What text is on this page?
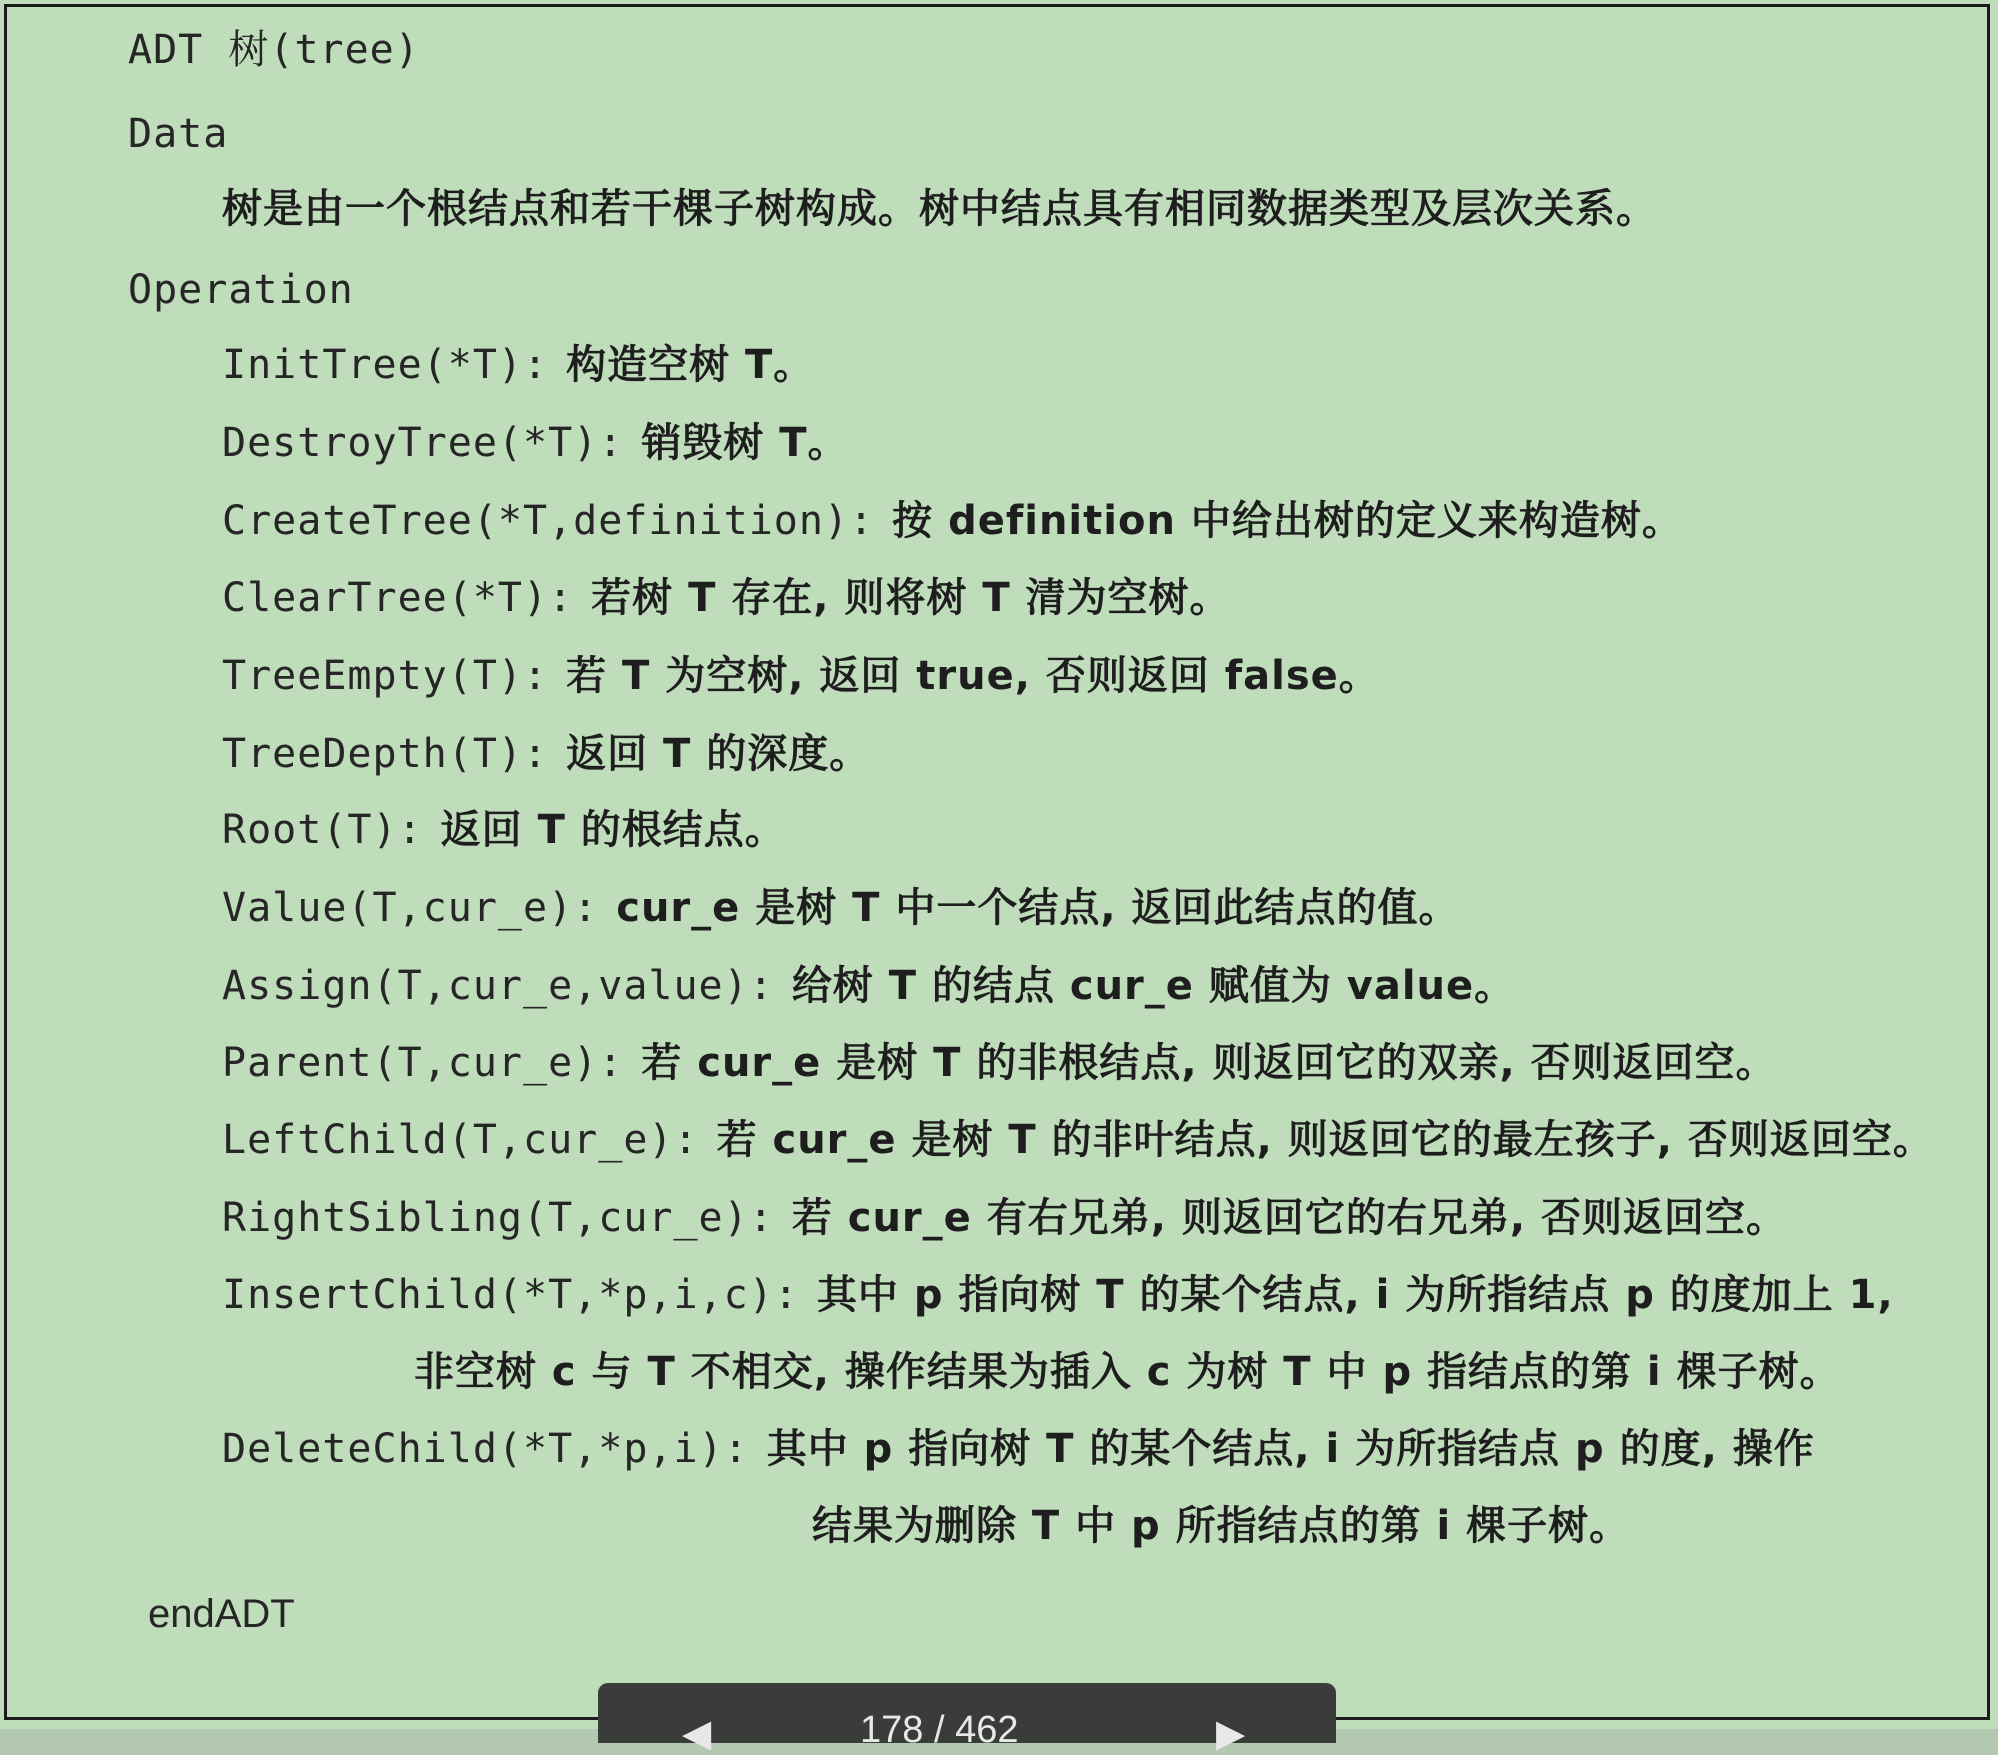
ADT 树(tree)
Data
树是由一个根结点和若干棵子树构成。树中结点具有相同数据类型及层次关系。
Operation
InitTree(*T): 构造空树 T。
DestroyTree(*T): 销毁树 T。
CreateTree(*T,definition): 按 definition 中给出树的定义来构造树。
ClearTree(*T): 若树 T 存在, 则将树 T 清为空树。
TreeEmpty(T): 若 T 为空树, 返回 true, 否则返回 false。
TreeDepth(T): 返回 T 的深度。
Root(T): 返回 T 的根结点。
Value(T,cur_e): cur_e 是树 T 中一个结点, 返回此结点的值。
Assign(T,cur_e,value): 给树 T 的结点 cur_e 赋值为 value。
Parent(T,cur_e): 若 cur_e 是树 T 的非根结点, 则返回它的双亲, 否则返回空。
LeftChild(T,cur_e): 若 cur_e 是树 T 的非叶结点, 则返回它的最左孩子, 否则返回空。
RightSibling(T,cur_e): 若 cur_e 有右兄弟, 则返回它的右兄弟, 否则返回空。
InsertChild(*T,*p,i,c): 其中 p 指向树 T 的某个结点, i 为所指结点 p 的度加上 1,
非空树 c 与 T 不相交, 操作结果为插入 c 为树 T 中 p 指结点的第 i 棵子树。
DeleteChild(*T,*p,i): 其中 p 指向树 T 的某个结点, i 为所指结点 p 的度, 操作
结果为删除 T 中 p 所指结点的第 i 棵子树。
endADT
◀	178 / 462	▶
